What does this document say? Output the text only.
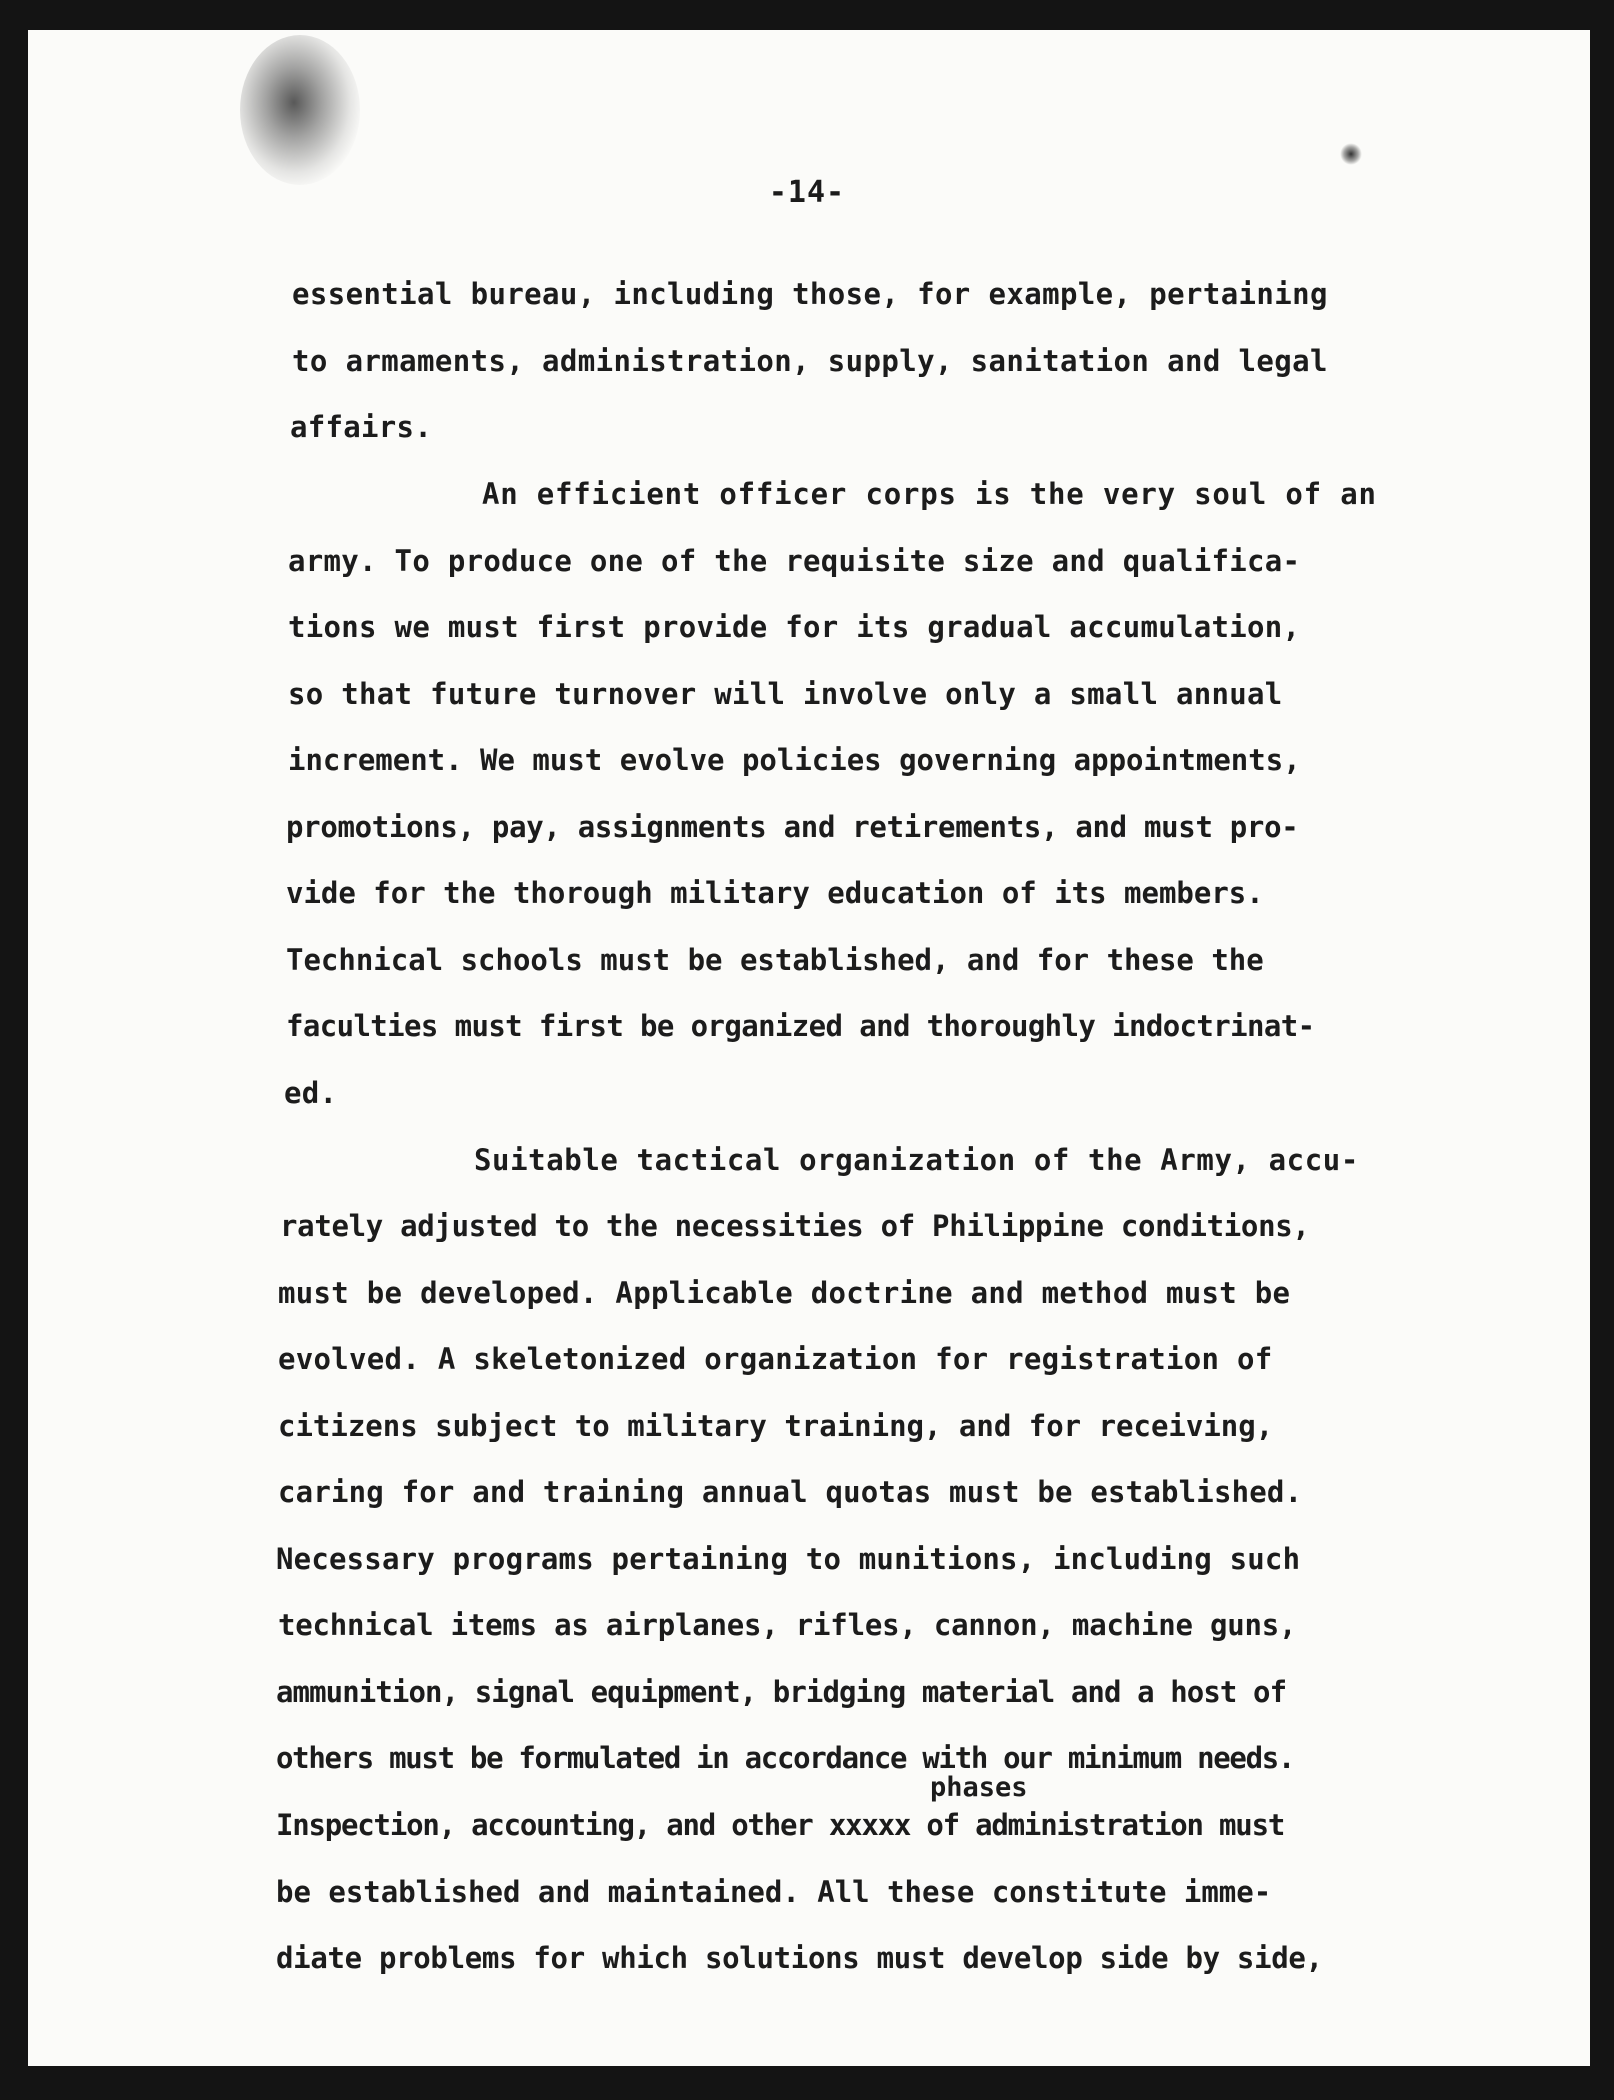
-14-
essential bureau, including those, for example, pertaining
to armaments, administration, supply, sanitation and legal
affairs.
An efficient officer corps is the very soul of an
army. To produce one of the requisite size and qualifica-
tions we must first provide for its gradual accumulation,
so that future turnover will involve only a small annual
increment. We must evolve policies governing appointments,
promotions, pay, assignments and retirements, and must pro-
vide for the thorough military education of its members.
Technical schools must be established, and for these the
faculties must first be organized and thoroughly indoctrinat-
ed.
Suitable tactical organization of the Army, accu-
rately adjusted to the necessities of Philippine conditions,
must be developed. Applicable doctrine and method must be
evolved. A skeletonized organization for registration of
citizens subject to military training, and for receiving,
caring for and training annual quotas must be established.
Necessary programs pertaining to munitions, including such
technical items as airplanes, rifles, cannon, machine guns,
ammunition, signal equipment, bridging material and a host of
others must be formulated in accordance with our minimum needs.
phases
Inspection, accounting, and other xxxxx of administration must
be established and maintained. All these constitute imme-
diate problems for which solutions must develop side by side,
